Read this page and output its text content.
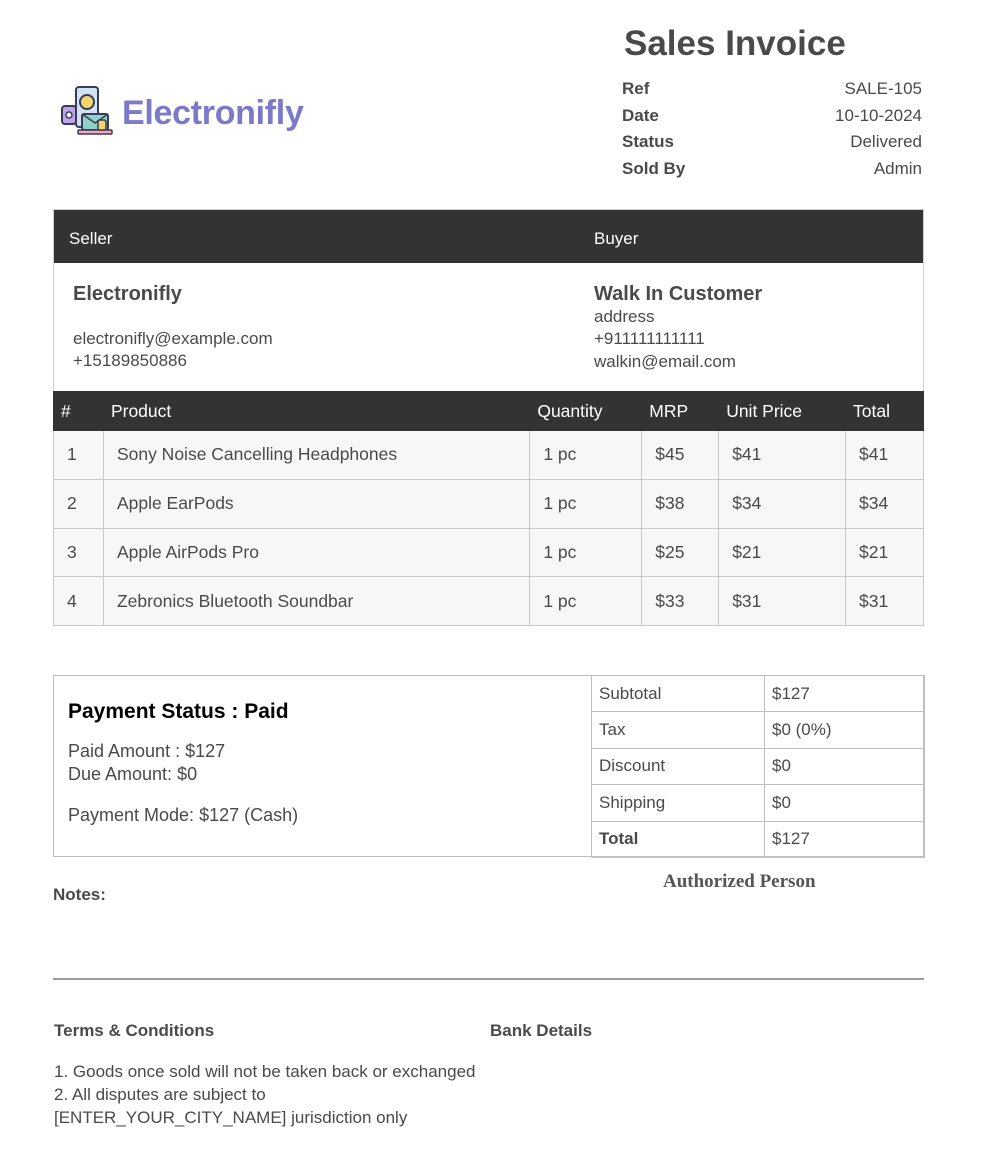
Electronifly
Sales Invoice
Ref	SALE-105
Date	10-10-2024
Status	Delivered
Sold By	Admin
Seller	Buyer
Electronifly
electronifly@example.com
+15189850886
Walk In Customer
address
+911111111111
walkin@email.com
#	Product	Quantity	MRP	Unit Price	Total
1	Sony Noise Cancelling Headphones	1 pc	$45	$41	$41
2	Apple EarPods	1 pc	$38	$34	$34
3	Apple AirPods Pro	1 pc	$25	$21	$21
4	Zebronics Bluetooth Soundbar	1 pc	$33	$31	$31
Payment Status : Paid
Paid Amount : $127
Due Amount: $0
Payment Mode: $127 (Cash)
Subtotal	$127
Tax	$0 (0%)
Discount	$0
Shipping	$0
Total	$127
Notes:
Authorized Person
Terms & Conditions	Bank Details
1. Goods once sold will not be taken back or exchanged
2. All disputes are subject to
[ENTER_YOUR_CITY_NAME] jurisdiction only
